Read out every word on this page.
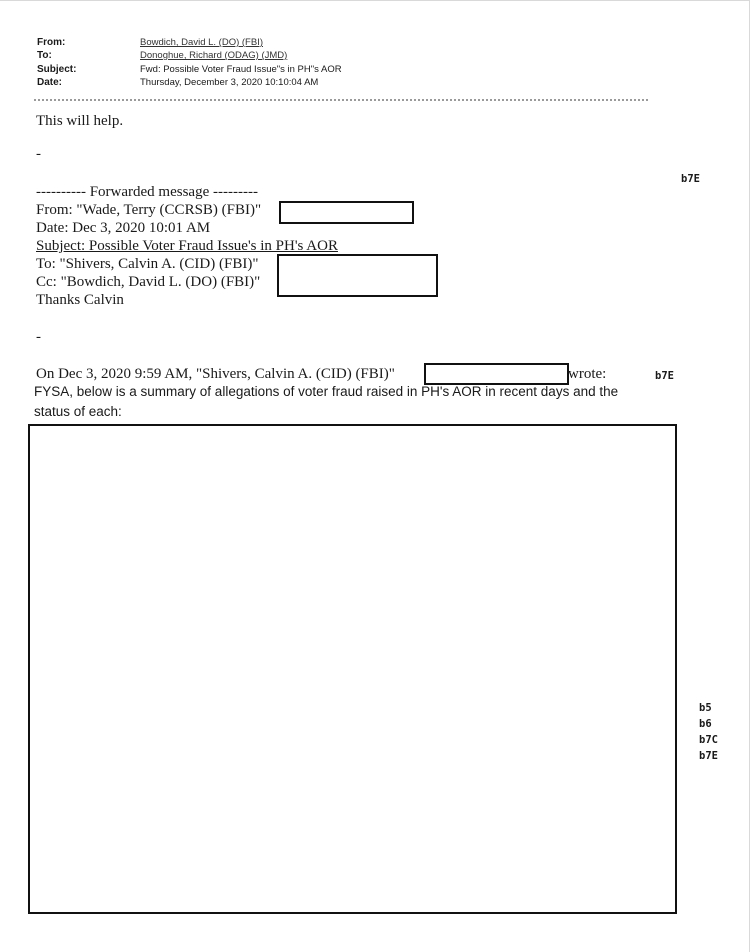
From:	Bowdich, David L. (DO) (FBI)
To:	Donoghue, Richard (ODAG) (JMD)
Subject:	Fwd: Possible Voter Fraud Issue"s in PH"s AOR
Date:	Thursday, December 3, 2020 10:10:04 AM
This will help.
-
b7E
---------- Forwarded message ---------
From: "Wade, Terry (CCRSB) (FBI)"
Date: Dec 3, 2020 10:01 AM
Subject: Possible Voter Fraud Issue's in PH's AOR
To: "Shivers, Calvin A. (CID) (FBI)"
Cc: "Bowdich, David L. (DO) (FBI)"
Thanks Calvin
-
On Dec 3, 2020 9:59 AM, "Shivers, Calvin A. (CID) (FBI)"	wrote:	b7E
FYSA, below is a summary of allegations of voter fraud raised in PH's AOR in recent days and the
status of each:
b5
b6
b7C
b7E
